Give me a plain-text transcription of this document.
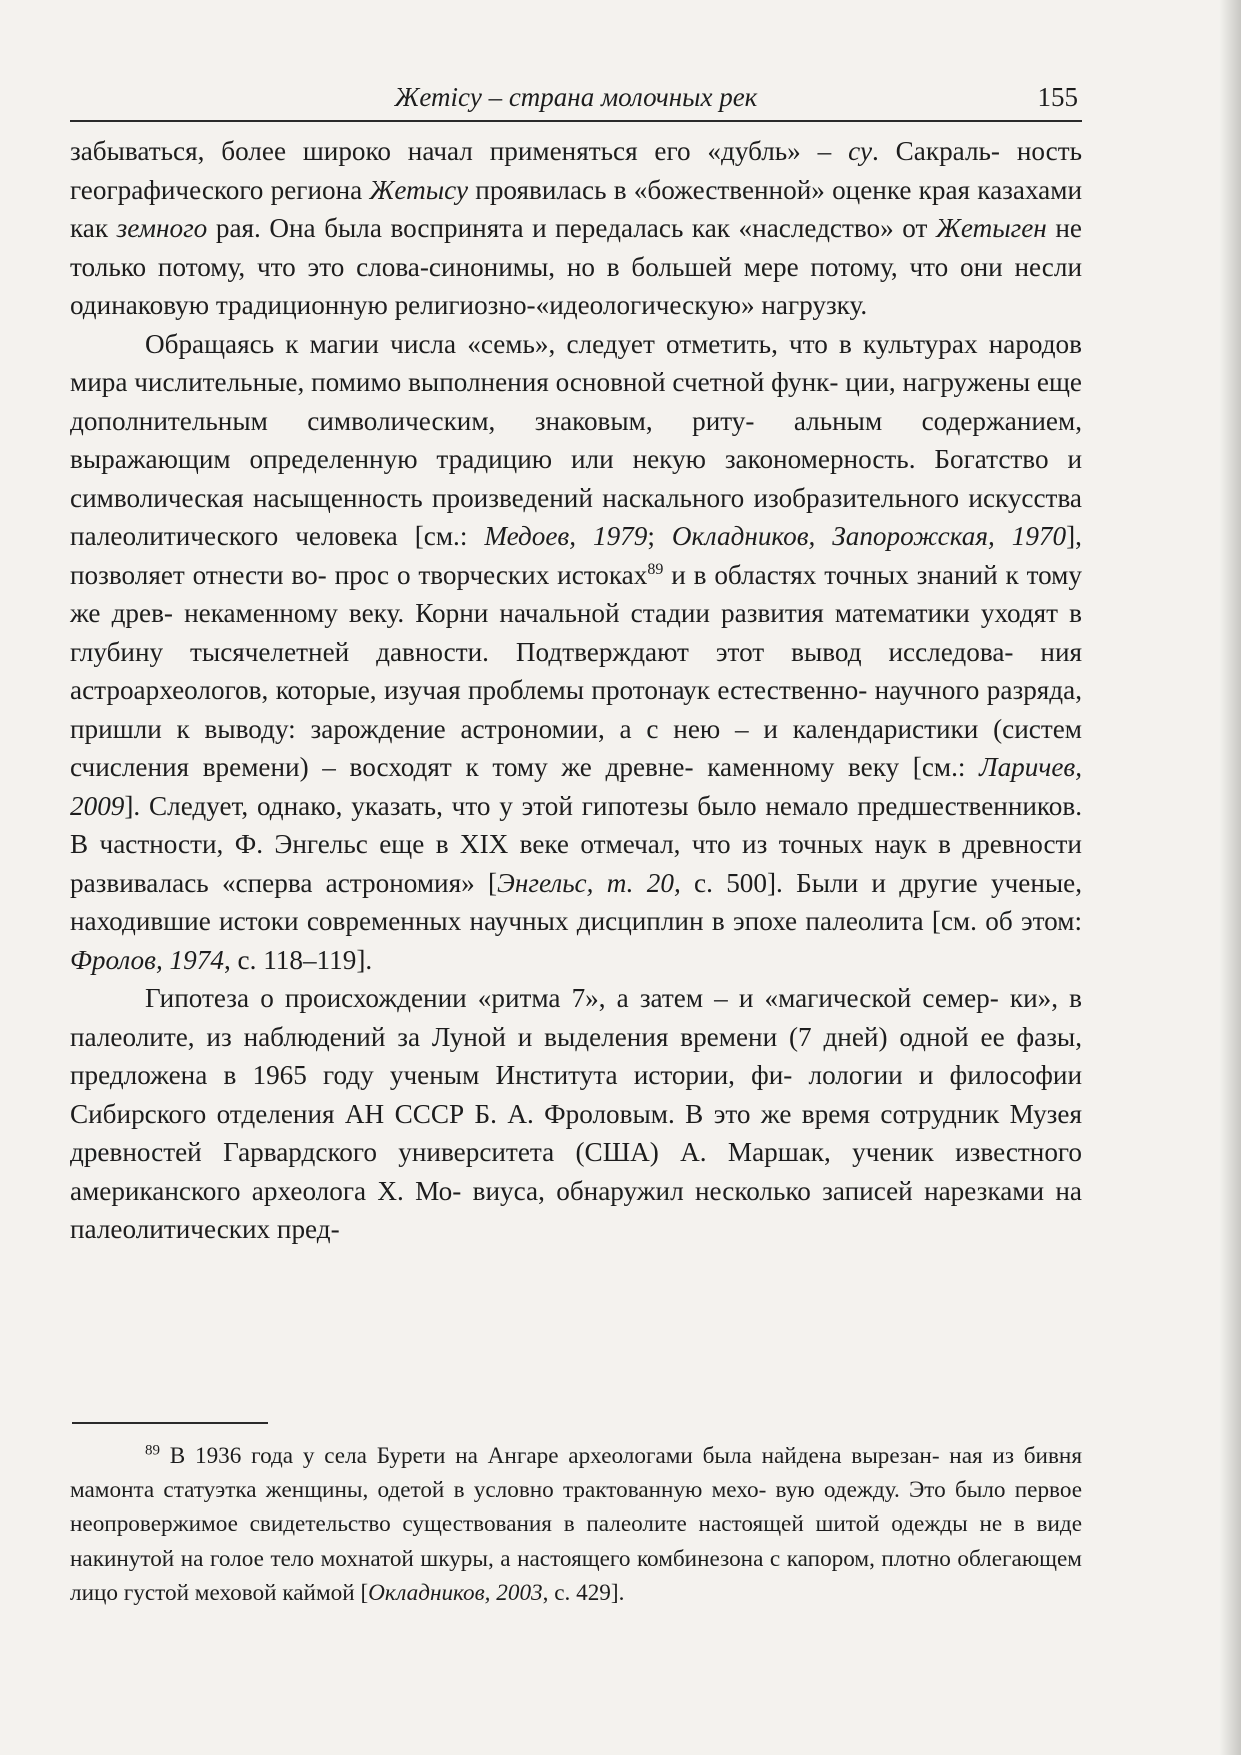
Жетісу – страна молочных рек	155

забываться, более широко начал применяться его «дубль» – су. Сакраль- ность географического региона Жетысу проявилась в «божественной» оценке края казахами как земного рая. Она была воспринята и передалась как «наследство» от Жетыген не только потому, что это слова-синонимы, но в большей мере потому, что они несли одинаковую традиционную религиозно-«идеологическую» нагрузку.

Обращаясь к магии числа «семь», следует отметить, что в культурах народов мира числительные, помимо выполнения основной счетной функ- ции, нагружены еще дополнительным символическим, знаковым, риту- альным содержанием, выражающим определенную традицию или некую закономерность. Богатство и символическая насыщенность произведений наскального изобразительного искусства палеолитического человека [см.: Медоев, 1979; Окладников, Запорожская, 1970], позволяет отнести во- прос о творческих истоках$^{89}$ и в областях точных знаний к тому же древ- некаменному веку. Корни начальной стадии развития математики уходят в глубину тысячелетней давности. Подтверждают этот вывод исследова- ния астроархеологов, которые, изучая проблемы протонаук естественно- научного разряда, пришли к выводу: зарождение астрономии, а с нею – и календаристики (систем счисления времени) – восходят к тому же древне- каменному веку [см.: Ларичев, 2009]. Следует, однако, указать, что у этой гипотезы было немало предшественников. В частности, Ф. Энгельс еще в XIX веке отмечал, что из точных наук в древности развивалась «сперва астрономия» [Энгельс, т. 20, с. 500]. Были и другие ученые, находившие истоки современных научных дисциплин в эпохе палеолита [см. об этом: Фролов, 1974, с. 118–119].

Гипотеза о происхождении «ритма 7», а затем – и «магической семер- ки», в палеолите, из наблюдений за Луной и выделения времени (7 дней) одной ее фазы, предложена в 1965 году ученым Института истории, фи- лологии и философии Сибирского отделения АН СССР Б. А. Фроловым. В это же время сотрудник Музея древностей Гарвардского университета (США) А. Маршак, ученик известного американского археолога Х. Мо- виуса, обнаружил несколько записей нарезками на палеолитических пред-

$^{89}$ В 1936 года у села Бурети на Ангаре археологами была найдена вырезан- ная из бивня мамонта статуэтка женщины, одетой в условно трактованную мехо- вую одежду. Это было первое неопровержимое свидетельство существования в палеолите настоящей шитой одежды не в виде накинутой на голое тело мохнатой шкуры, а настоящего комбинезона с капором, плотно облегающем лицо густой меховой каймой [Окладников, 2003, с. 429].
